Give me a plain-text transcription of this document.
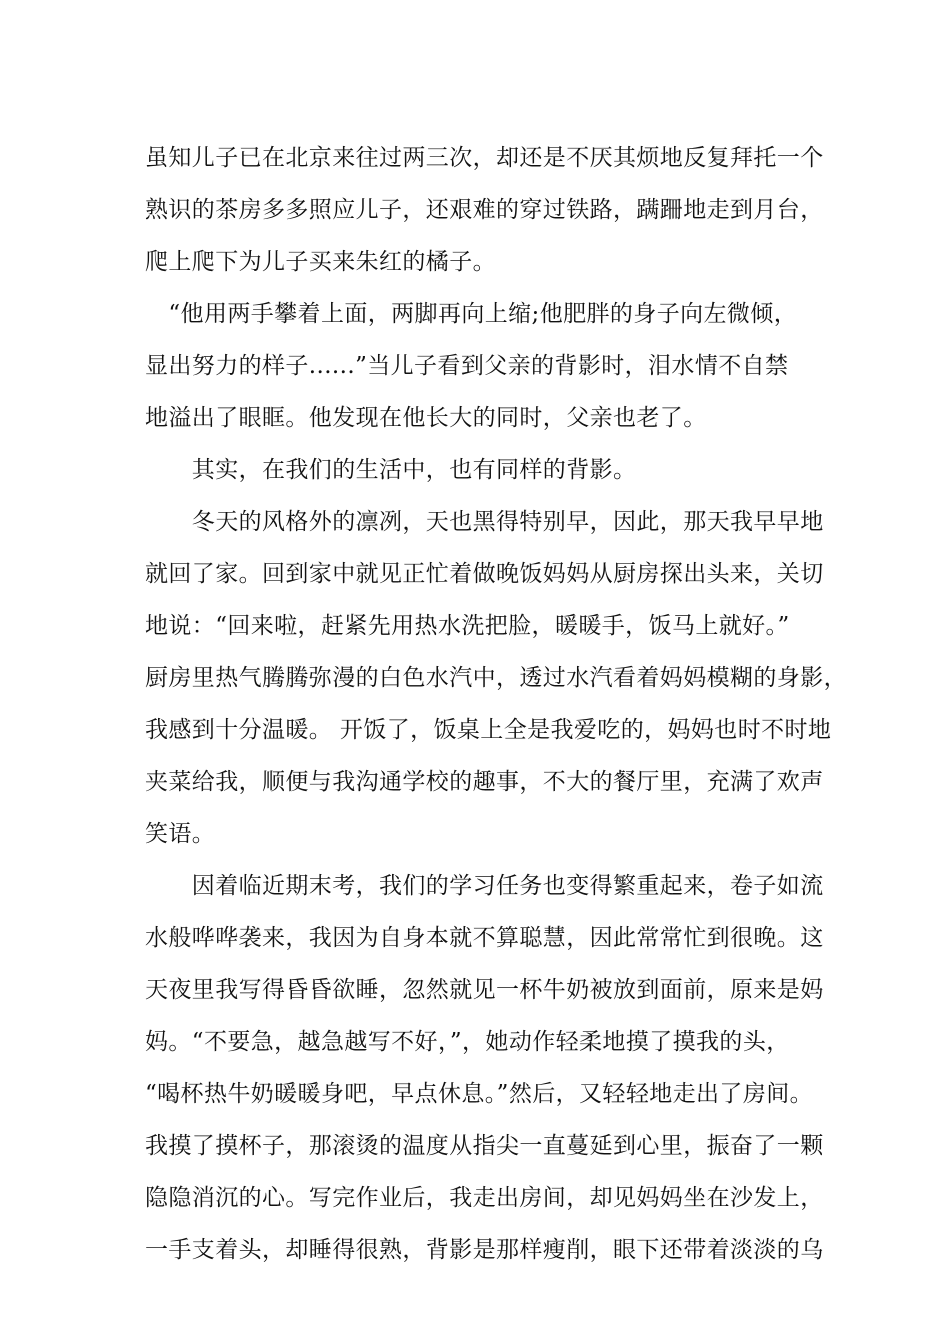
虽知儿子已在北京来往过两三次，却还是不厌其烦地反复拜托一个
熟识的茶房多多照应儿子，还艰难的穿过铁路，蹒跚地走到月台，
爬上爬下为儿子买来朱红的橘子。
　“他用两手攀着上面，两脚再向上缩;他肥胖的身子向左微倾，
显出努力的样子......”当儿子看到父亲的背影时，泪水情不自禁
地溢出了眼眶。他发现在他长大的同时，父亲也老了。
　　其实，在我们的生活中，也有同样的背影。
　　冬天的风格外的凛冽，天也黑得特别早，因此，那天我早早地
就回了家。回到家中就见正忙着做晚饭妈妈从厨房探出头来，关切
地说：“回来啦，赶紧先用热水洗把脸，暖暖手，饭马上就好。”
厨房里热气腾腾弥漫的白色水汽中，透过水汽看着妈妈模糊的身影，
我感到十分温暖。 开饭了，饭桌上全是我爱吃的，妈妈也时不时地
夹菜给我，顺便与我沟通学校的趣事，不大的餐厅里，充满了欢声
笑语。
　　因着临近期末考，我们的学习任务也变得繁重起来，卷子如流
水般哗哗袭来，我因为自身本就不算聪慧，因此常常忙到很晚。这
天夜里我写得昏昏欲睡，忽然就见一杯牛奶被放到面前，原来是妈
妈。“不要急，越急越写不好，”，她动作轻柔地摸了摸我的头，
“喝杯热牛奶暖暖身吧，早点休息。”然后，又轻轻地走出了房间。
我摸了摸杯子，那滚烫的温度从指尖一直蔓延到心里，振奋了一颗
隐隐消沉的心。写完作业后，我走出房间，却见妈妈坐在沙发上，
一手支着头，却睡得很熟，背影是那样瘦削，眼下还带着淡淡的乌
